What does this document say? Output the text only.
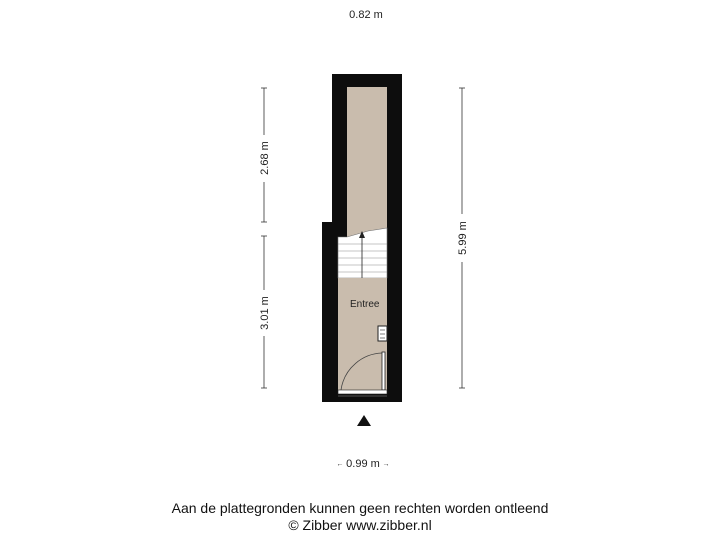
0.82 m
Entree
2.68 m
3.01 m
5.99 m
← 0.99 m →
Aan de plattegronden kunnen geen rechten worden ontleend
© Zibber www.zibber.nl
